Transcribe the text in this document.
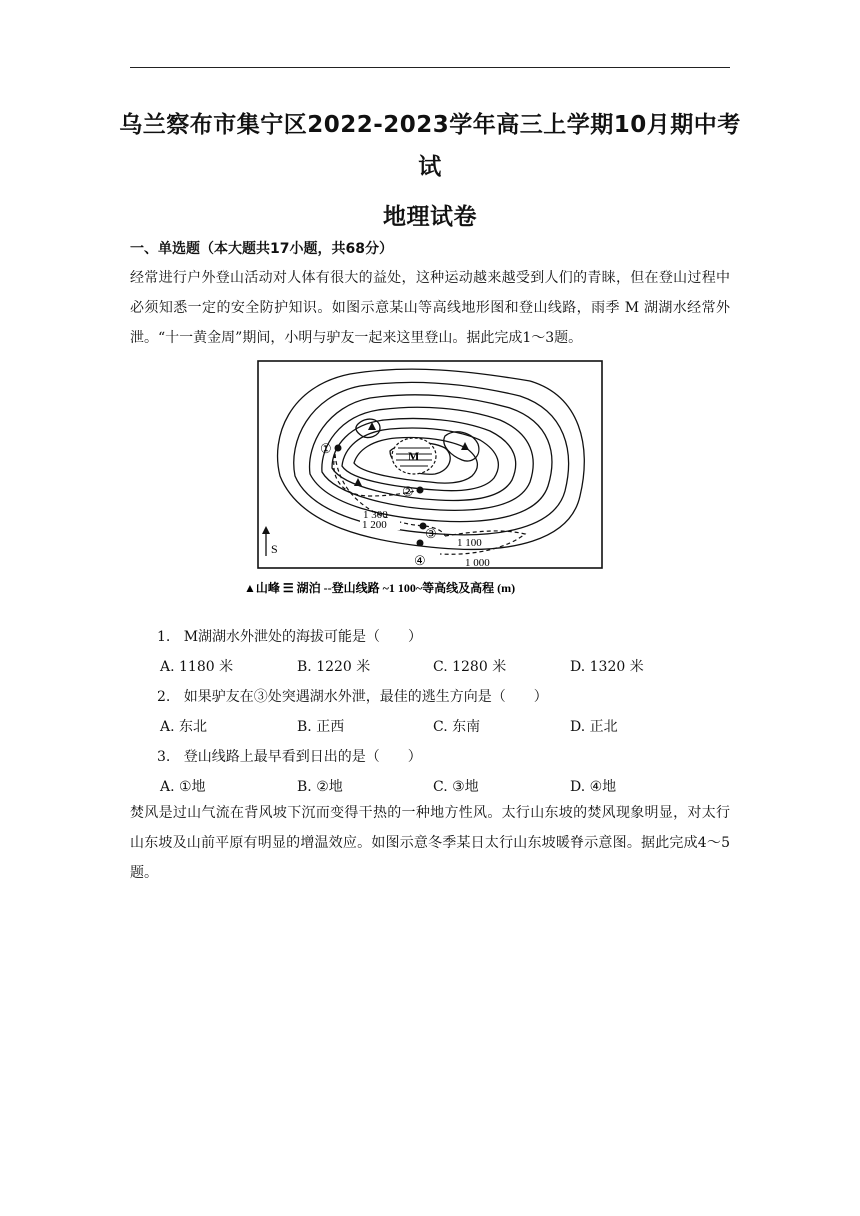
乌兰察布市集宁区2022-2023学年高三上学期10月期中考
试
地理试卷
一、单选题（本大题共17小题，共68分）
经常进行户外登山活动对人体有很大的益处，这种运动越来越受到人们的青睐，但在登山过程中必须知悉一定的安全防护知识。如图示意某山等高线地形图和登山线路，雨季 M 湖湖水经常外泄。“十一黄金周”期间，小明与驴友一起来这里登山。据此完成1～3题。
M
①
②
③
④
1 300
1 200
1 100
1 000
S
▲山峰 ☰ 湖泊 --登山线路 ~1 100~等高线及高程 (m)
1. M湖湖水外泄处的海拔可能是（　　）
A. 1180 米	B. 1220 米	C. 1280 米	D. 1320 米
2. 如果驴友在③处突遇湖水外泄，最佳的逃生方向是（　　）
A. 东北	B. 正西	C. 东南	D. 正北
3. 登山线路上最早看到日出的是（　　）
A. ①地	B. ②地	C. ③地	D. ④地
焚风是过山气流在背风坡下沉而变得干热的一种地方性风。太行山东坡的焚风现象明显，对太行山东坡及山前平原有明显的增温效应。如图示意冬季某日太行山东坡暖脊示意图。据此完成4～5题。
